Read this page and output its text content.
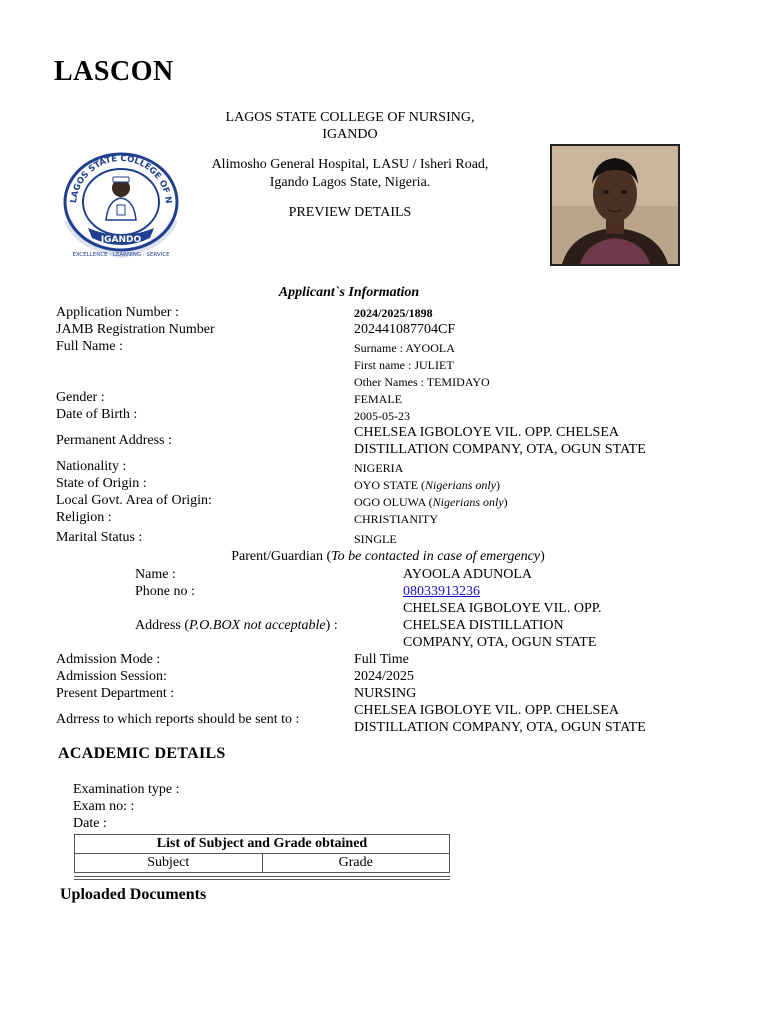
LASCON
LAGOS STATE COLLEGE OF NURSING,
IGANDO
Alimosho General Hospital, LASU / Isheri Road,
Igando Lagos State, Nigeria.
PREVIEW DETAILS
LAGOS STATE COLLEGE OF N
IGANDO
EXCELLENCE · LEARNING · SERVICE
Applicant`s Information
Application Number :	2024/2025/1898
JAMB Registration Number	202441087704CF
Full Name :	Surname : AYOOLA
First name : JULIET
Other Names : TEMIDAYO
Gender :	FEMALE
Date of Birth :	2005-05-23
Permanent Address :
CHELSEA IGBOLOYE VIL. OPP. CHELSEA
DISTILLATION COMPANY, OTA, OGUN STATE
Nationality :	NIGERIA
State of Origin :	OYO STATE (Nigerians only)
Local Govt. Area of Origin:	OGO OLUWA (Nigerians only)
Religion :	CHRISTIANITY
Marital Status :	SINGLE
Parent/Guardian (To be contacted in case of emergency)
Name :	AYOOLA ADUNOLA
Phone no :	08033913236
Address (P.O.BOX not acceptable) :
CHELSEA IGBOLOYE VIL. OPP.
CHELSEA DISTILLATION
COMPANY, OTA, OGUN STATE
Admission Mode :	Full Time
Admission Session:	2024/2025
Present Department :	NURSING
Adrress to which reports should be sent to :
CHELSEA IGBOLOYE VIL. OPP. CHELSEA
DISTILLATION COMPANY, OTA, OGUN STATE
ACADEMIC DETAILS
Examination type :
Exam no: :
Date :
List of Subject and Grade obtained
Subject	Grade
Uploaded Documents
